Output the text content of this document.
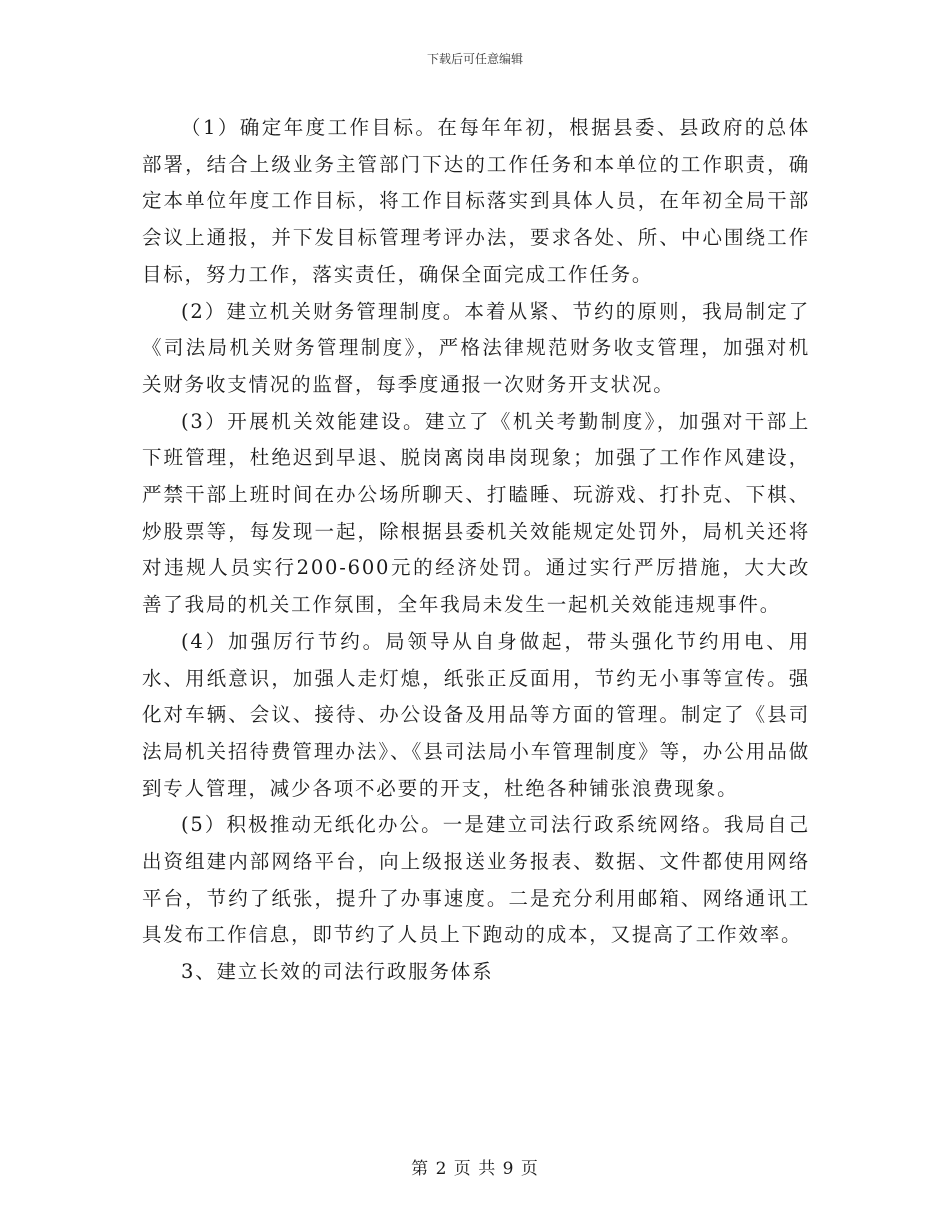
下载后可任意编辑

（1）确定年度工作目标。在每年年初，根据县委、县政府的总体部署，结合上级业务主管部门下达的工作任务和本单位的工作职责，确定本单位年度工作目标，将工作目标落实到具体人员，在年初全局干部会议上通报，并下发目标管理考评办法，要求各处、所、中心围绕工作目标，努力工作，落实责任，确保全面完成工作任务。

(2）建立机关财务管理制度。本着从紧、节约的原则，我局制定了《司法局机关财务管理制度》，严格法律规范财务收支管理，加强对机关财务收支情况的监督，每季度通报一次财务开支状况。

(3）开展机关效能建设。建立了《机关考勤制度》，加强对干部上下班管理，杜绝迟到早退、脱岗离岗串岗现象；加强了工作作风建设，严禁干部上班时间在办公场所聊天、打瞌睡、玩游戏、打扑克、下棋、炒股票等，每发现一起，除根据县委机关效能规定处罚外，局机关还将对违规人员实行200-600元的经济处罚。通过实行严厉措施，大大改善了我局的机关工作氛围，全年我局未发生一起机关效能违规事件。

(4）加强厉行节约。局领导从自身做起，带头强化节约用电、用水、用纸意识，加强人走灯熄，纸张正反面用，节约无小事等宣传。强化对车辆、会议、接待、办公设备及用品等方面的管理。制定了《县司法局机关招待费管理办法》、《县司法局小车管理制度》等，办公用品做到专人管理，减少各项不必要的开支，杜绝各种铺张浪费现象。

(5）积极推动无纸化办公。一是建立司法行政系统网络。我局自己出资组建内部网络平台，向上级报送业务报表、数据、文件都使用网络平台，节约了纸张，提升了办事速度。二是充分利用邮箱、网络通讯工具发布工作信息，即节约了人员上下跑动的成本，又提高了工作效率。

3、建立长效的司法行政服务体系

第 2 页 共 9 页
